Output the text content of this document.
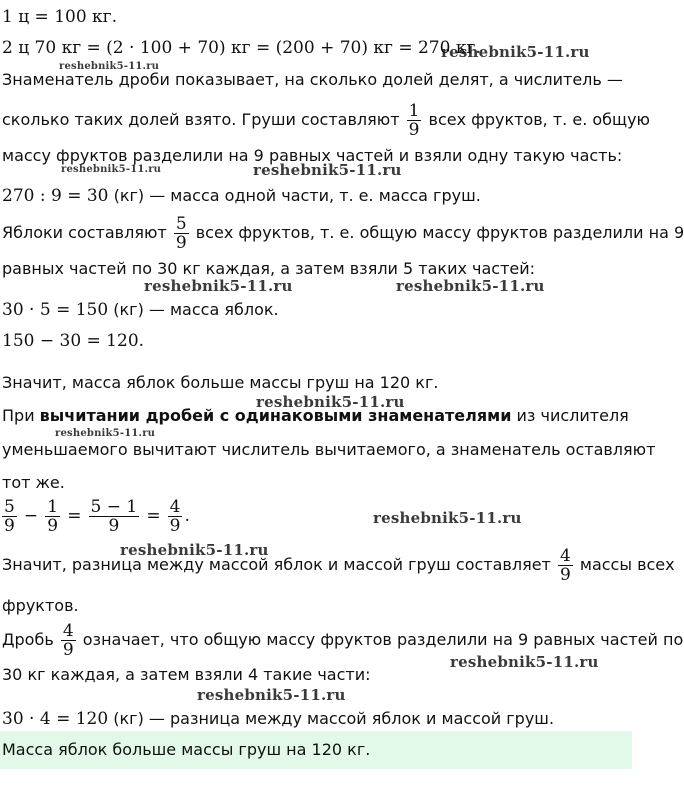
reshebnik5-11.ru
reshebnik5-11.ru
reshebnik5-11.ru	reshebnik5-11.ru
reshebnik5-11.ru	reshebnik5-11.ru
reshebnik5-11.ru
reshebnik5-11.ru
reshebnik5-11.ru
reshebnik5-11.ru
reshebnik5-11.ru
reshebnik5-11.ru
1 ц = 100 кг.
2 ц 70 кг = (2 · 100 + 70) кг = (200 + 70) кг = 270 кг.
Знаменатель дроби показывает, на сколько долей делят, а числитель —
сколько таких долей взято. Груши составляют $\frac{1}{9}$ всех фруктов, т. е. общую
массу фруктов разделили на 9 равных частей и взяли одну такую часть:
270 : 9 = 30 (кг) — масса одной части, т. е. масса груш.
Яблоки составляют $\frac{5}{9}$ всех фруктов, т. е. общую массу фруктов разделили на 9
равных частей по 30 кг каждая, а затем взяли 5 таких частей:
30 · 5 = 150 (кг) — масса яблок.
150 − 30 = 120.
Значит, масса яблок больше массы груш на 120 кг.
При вычитании дробей с одинаковыми знаменателями из числителя
уменьшаемого вычитают числитель вычитаемого, а знаменатель оставляют
тот же.
$\frac{5}{9} - \frac{1}{9} = \frac{5 - 1}{9} = \frac{4}{9}$ .
Значит, разница между массой яблок и массой груш составляет $\frac{4}{9}$ массы всех
фруктов.
Дробь $\frac{4}{9}$ означает, что общую массу фруктов разделили на 9 равных частей по
30 кг каждая, а затем взяли 4 такие части:
30 · 4 = 120 (кг) — разница между массой яблок и массой груш.
Масса яблок больше массы груш на 120 кг.
